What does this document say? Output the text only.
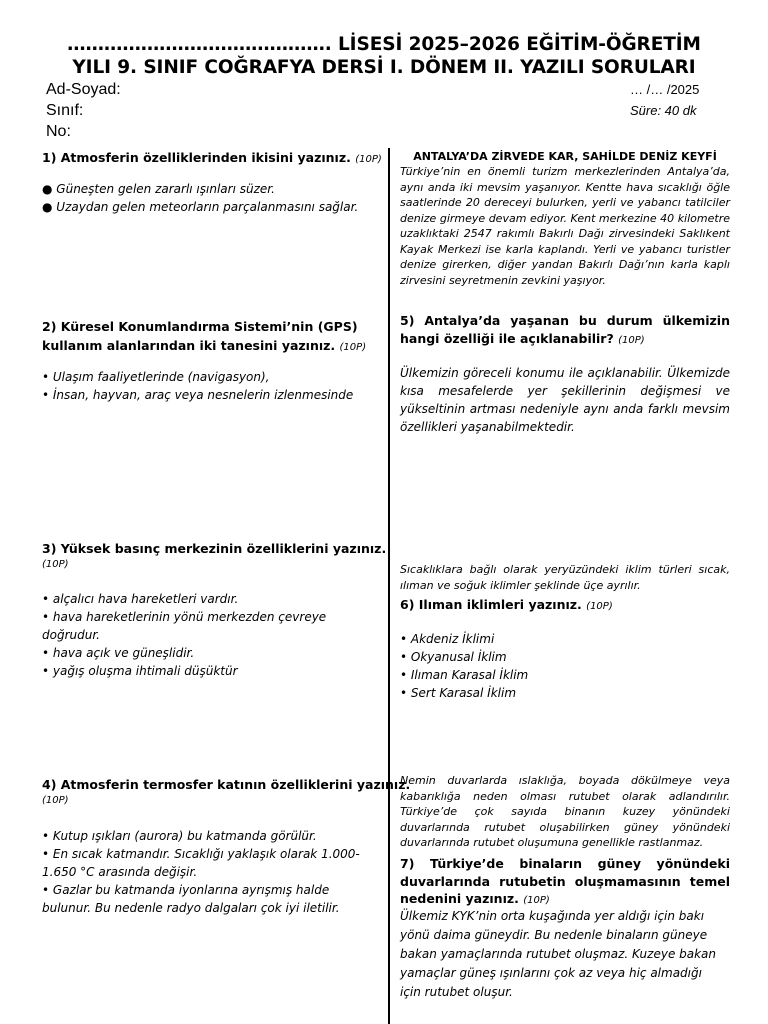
……………………………………. LİSESİ 2025–2026 EĞİTİM-ÖĞRETİM
YILI 9. SINIF COĞRAFYA DERSİ I. DÖNEM II. YAZILI SORULARI
Ad-Soyad:
Sınıf:
No:
… /… /2025
Süre: 40 dk
1) Atmosferin özelliklerinden ikisini yazınız. (10P)
● Güneşten gelen zararlı ışınları süzer.
● Uzaydan gelen meteorların parçalanmasını sağlar.
2) Küresel Konumlandırma Sistemi’nin (GPS)
kullanım alanlarından iki tanesini yazınız. (10P)
• Ulaşım faaliyetlerinde (navigasyon),
• İnsan, hayvan, araç veya nesnelerin izlenmesinde
3) Yüksek basınç merkezinin özelliklerini yazınız.
(10P)
• alçalıcı hava hareketleri vardır.
• hava hareketlerinin yönü merkezden çevreye
doğrudur.
• hava açık ve güneşlidir.
• yağış oluşma ihtimali düşüktür
4) Atmosferin termosfer katının özelliklerini yazınız.
(10P)
• Kutup ışıkları (aurora) bu katmanda görülür.
• En sıcak katmandır. Sıcaklığı yaklaşık olarak 1.000-
1.650 °C arasında değişir.
• Gazlar bu katmanda iyonlarına ayrışmış halde
bulunur. Bu nedenle radyo dalgaları çok iyi iletilir.
ANTALYA’DA ZİRVEDE KAR, SAHİLDE DENİZ KEYFİ
Türkiye’nin en önemli turizm merkezlerinden Antalya’da, aynı anda iki mevsim yaşanıyor. Kentte hava sıcaklığı öğle saatlerinde 20 dereceyi bulurken, yerli ve yabancı tatilciler denize girmeye devam ediyor. Kent merkezine 40 kilometre uzaklıktaki 2547 rakımlı Bakırlı Dağı zirvesindeki Saklıkent Kayak Merkezi ise karla kaplandı. Yerli ve yabancı turistler denize girerken, diğer yandan Bakırlı Dağı’nın karla kaplı zirvesini seyretmenin zevkini yaşıyor.
5) Antalya’da yaşanan bu durum ülkemizin hangi özelliği ile açıklanabilir? (10P)
Ülkemizin göreceli konumu ile açıklanabilir. Ülkemizde kısa mesafelerde yer şekillerinin değişmesi ve yükseltinin artması nedeniyle aynı anda farklı mevsim özellikleri yaşanabilmektedir.
Sıcaklıklara bağlı olarak yeryüzündeki iklim türleri sıcak, ılıman ve soğuk iklimler şeklinde üçe ayrılır.
6) Ilıman iklimleri yazınız. (10P)
• Akdeniz İklimi
• Okyanusal İklim
• Ilıman Karasal İklim
• Sert Karasal İklim
Nemin duvarlarda ıslaklığa, boyada dökülmeye veya kabarıklığa neden olması rutubet olarak adlandırılır. Türkiye’de çok sayıda binanın kuzey yönündeki duvarlarında rutubet oluşabilirken güney yönündeki duvarlarında rutubet oluşumuna genellikle rastlanmaz.
7) Türkiye’de binaların güney yönündeki duvarlarında rutubetin oluşmamasının temel nedenini yazınız. (10P)
Ülkemiz KYK’nin orta kuşağında yer aldığı için bakı
yönü daima güneydir. Bu nedenle binaların güneye
bakan yamaçlarında rutubet oluşmaz. Kuzeye bakan
yamaçlar güneş ışınlarını çok az veya hiç almadığı
için rutubet oluşur.
